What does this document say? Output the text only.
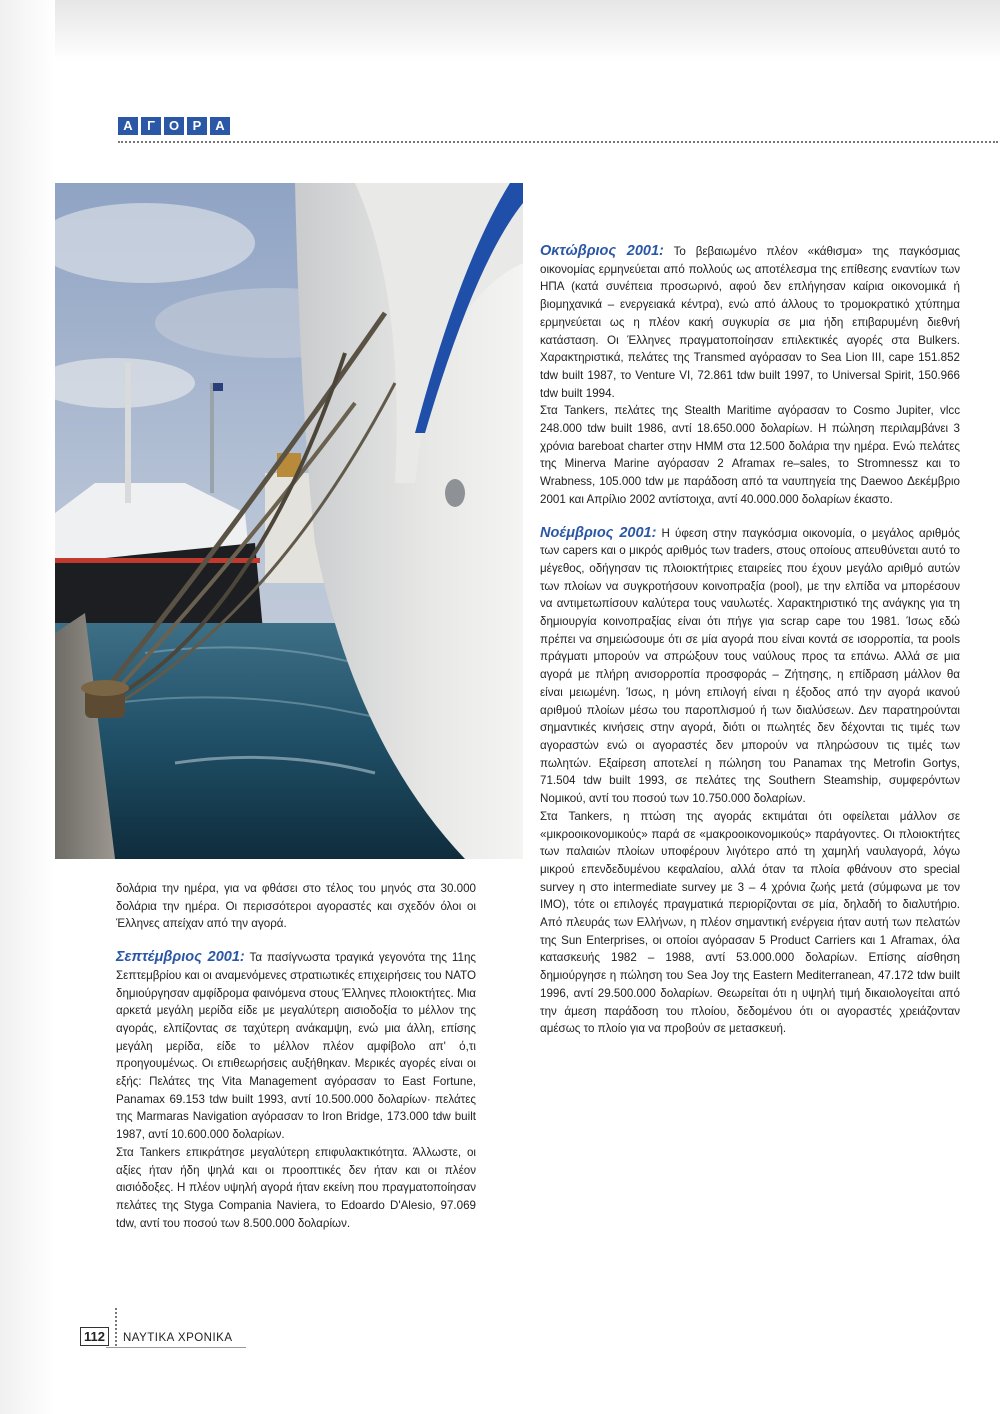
Α	Γ	Ο	Ρ	Α

δολάρια την ημέρα, για να φθάσει στο τέλος του μηνός στα 30.000 δολάρια την ημέρα. Οι περισσότεροι αγοραστές και σχεδόν όλοι οι Έλληνες απείχαν από την αγορά.

Σεπτέμβριος 2001: Τα πασίγνωστα τραγικά γεγονότα της 11ης Σεπτεμβρίου και οι αναμενόμενες στρατιωτικές επιχειρήσεις του ΝΑΤΟ δημιούργησαν αμφίδρομα φαινόμενα στους Έλληνες πλοιοκτήτες. Μια αρκετά μεγάλη μερίδα είδε με μεγαλύτερη αισιοδοξία το μέλλον της αγοράς, ελπίζοντας σε ταχύτερη ανάκαμψη, ενώ μια άλλη, επίσης μεγάλη μερίδα, είδε το μέλλον πλέον αμφίβολο απ' ό,τι προηγουμένως. Οι επιθεωρήσεις αυξήθηκαν. Μερικές αγορές είναι οι εξής: Πελάτες της Vita Management αγόρασαν το East Fortune, Panamax 69.153 tdw built 1993, αντί 10.500.000 δολαρίων· πελάτες της Marmaras Navigation αγόρασαν το Iron Bridge, 173.000 tdw built 1987, αντί 10.600.000 δολαρίων.

Στα Tankers επικράτησε μεγαλύτερη επιφυλακτικότητα. Άλλωστε, οι αξίες ήταν ήδη ψηλά και οι προοπτικές δεν ήταν και οι πλέον αισιόδοξες. Η πλέον υψηλή αγορά ήταν εκείνη που πραγματοποίησαν πελάτες της Styga Compania Naviera, το Edoardo D'Alesio, 97.069 tdw, αντί του ποσού των 8.500.000 δολαρίων.

Οκτώβριος 2001: Το βεβαιωμένο πλέον «κάθισμα» της παγκόσμιας οικονομίας ερμηνεύεται από πολλούς ως αποτέλεσμα της επίθεσης εναντίων των ΗΠΑ (κατά συνέπεια προσωρινό, αφού δεν επλήγησαν καίρια οικονομικά ή βιομηχανικά – ενεργειακά κέντρα), ενώ από άλλους το τρομοκρατικό χτύπημα ερμηνεύεται ως η πλέον κακή συγκυρία σε μια ήδη επιβαρυμένη διεθνή κατάσταση. Οι Έλληνες πραγματοποίησαν επιλεκτικές αγορές στα Bulkers. Χαρακτηριστικά, πελάτες της Transmed αγόρασαν το Sea Lion III, cape 151.852 tdw built 1987, το Venture VI, 72.861 tdw built 1997, το Universal Spirit, 150.966 tdw built 1994.

Στα Tankers, πελάτες της Stealth Maritime αγόρασαν το Cosmo Jupiter, vlcc 248.000 tdw built 1986, αντί 18.650.000 δολαρίων. Η πώληση περιλαμβάνει 3 χρόνια bareboat charter στην ΗΜΜ στα 12.500 δολάρια την ημέρα. Ενώ πελάτες της Minerva Marine αγόρασαν 2 Aframax re–sales, το Stromnessz και το Wrabness, 105.000 tdw με παράδοση από τα ναυπηγεία της Daewoo Δεκέμβριο 2001 και Απρίλιο 2002 αντίστοιχα, αντί 40.000.000 δολαρίων έκαστο.

Νοέμβριος 2001: Η ύφεση στην παγκόσμια οικονομία, ο μεγάλος αριθμός των capers και ο μικρός αριθμός των traders, στους οποίους απευθύνεται αυτό το μέγεθος, οδήγησαν τις πλοιοκτήτριες εταιρείες που έχουν μεγάλο αριθμό αυτών των πλοίων να συγκροτήσουν κοινοπραξία (pool), με την ελπίδα να μπορέσουν να αντιμετωπίσουν καλύτερα τους ναυλωτές. Χαρακτηριστικό της ανάγκης για τη δημιουργία κοινοπραξίας είναι ότι πήγε για scrap cape του 1981. Ίσως εδώ πρέπει να σημειώσουμε ότι σε μία αγορά που είναι κοντά σε ισορροπία, τα pools πράγματι μπορούν να σπρώξουν τους ναύλους προς τα επάνω. Αλλά σε μια αγορά με πλήρη ανισορροπία προσφοράς – Ζήτησης, η επίδραση μάλλον θα είναι μειωμένη. Ίσως, η μόνη επιλογή είναι η έξοδος από την αγορά ικανού αριθμού πλοίων μέσω του παροπλισμού ή των διαλύσεων. Δεν παρατηρούνται σημαντικές κινήσεις στην αγορά, διότι οι πωλητές δεν δέχονται τις τιμές των αγοραστών ενώ οι αγοραστές δεν μπορούν να πληρώσουν τις τιμές των πωλητών. Εξαίρεση αποτελεί η πώληση του Panamax της Metrofin Gortys, 71.504 tdw built 1993, σε πελάτες της Southern Steamship, συμφερόντων Νομικού, αντί του ποσού των 10.750.000 δολαρίων.

Στα Tankers, η πτώση της αγοράς εκτιμάται ότι οφείλεται μάλλον σε «μικροοικονομικούς» παρά σε «μακροοικονομικούς» παράγοντες. Οι πλοιοκτήτες των παλαιών πλοίων υποφέρουν λιγότερο από τη χαμηλή ναυλαγορά, λόγω μικρού επενδεδυμένου κεφαλαίου, αλλά όταν τα πλοία φθάνουν στο special survey η στο intermediate survey με 3 – 4 χρόνια ζωής μετά (σύμφωνα με τον IMO), τότε οι επιλογές πραγματικά περιορίζονται σε μία, δηλαδή το διαλυτήριο. Από πλευράς των Ελλήνων, η πλέον σημαντική ενέργεια ήταν αυτή των πελατών της Sun Enterprises, οι οποίοι αγόρασαν 5 Product Carriers και 1 Aframax, όλα κατασκευής 1982 – 1988, αντί 53.000.000 δολαρίων. Επίσης αίσθηση δημιούργησε η πώληση του Sea Joy της Eastern Mediterranean, 47.172 tdw built 1996, αντί 29.500.000 δολαρίων. Θεωρείται ότι η υψηλή τιμή δικαιολογείται από την άμεση παράδοση του πλοίου, δεδομένου ότι οι αγοραστές χρειάζονταν αμέσως το πλοίο για να προβούν σε μετασκευή.

112	ΝΑΥΤΙΚΑ ΧΡΟΝΙΚΑ
